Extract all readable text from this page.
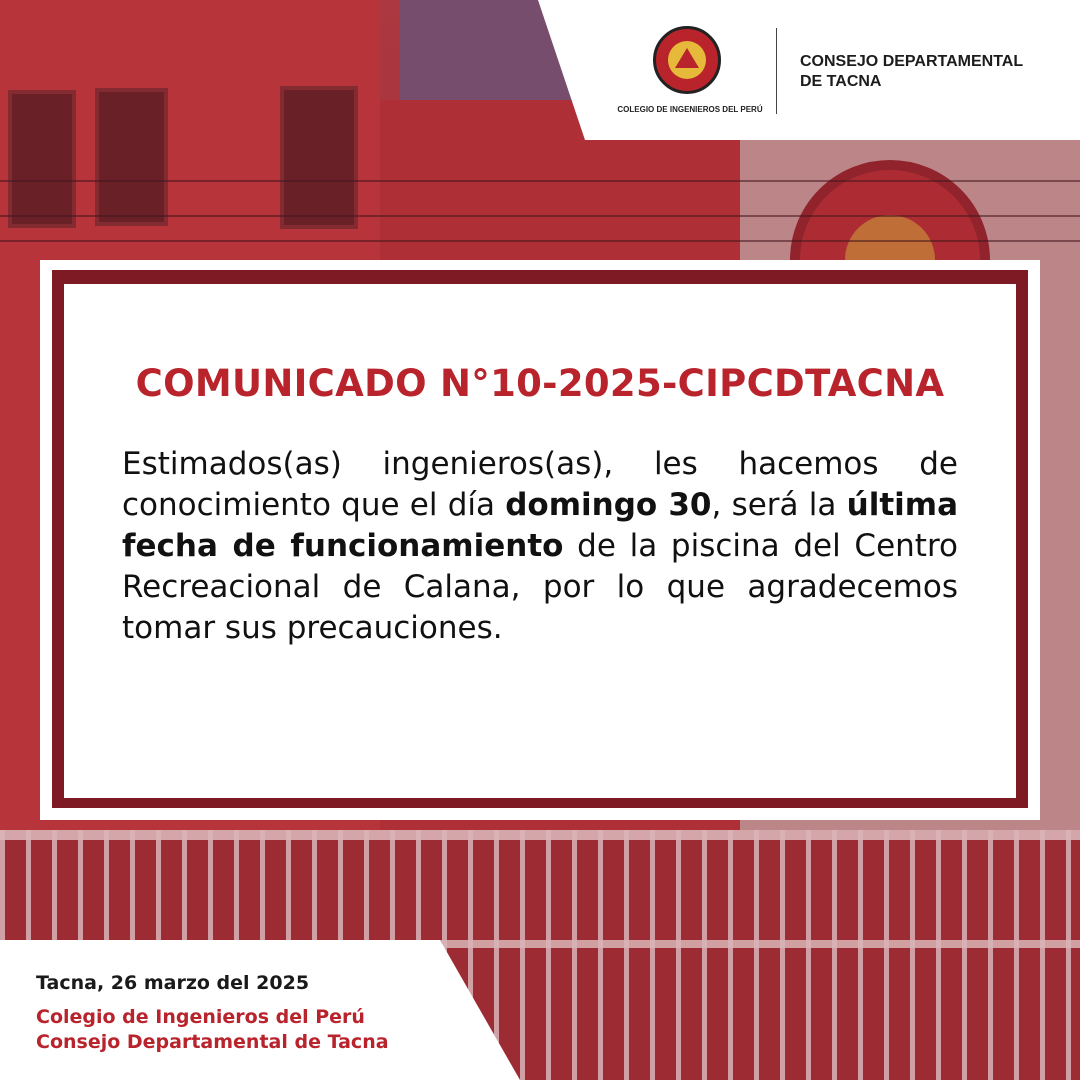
COLEGIO DE INGENIEROS DEL PERÚ
CONSEJO DEPARTAMENTAL
DE TACNA
COMUNICADO N°10-2025-CIPCDTACNA
Estimados(as) ingenieros(as), les hacemos de conocimiento que el día domingo 30, será la última fecha de funcionamiento de la piscina del Centro Recreacional de Calana, por lo que agradecemos tomar sus precauciones.
Tacna, 26 marzo del 2025
Colegio de Ingenieros del Perú
Consejo Departamental de Tacna
